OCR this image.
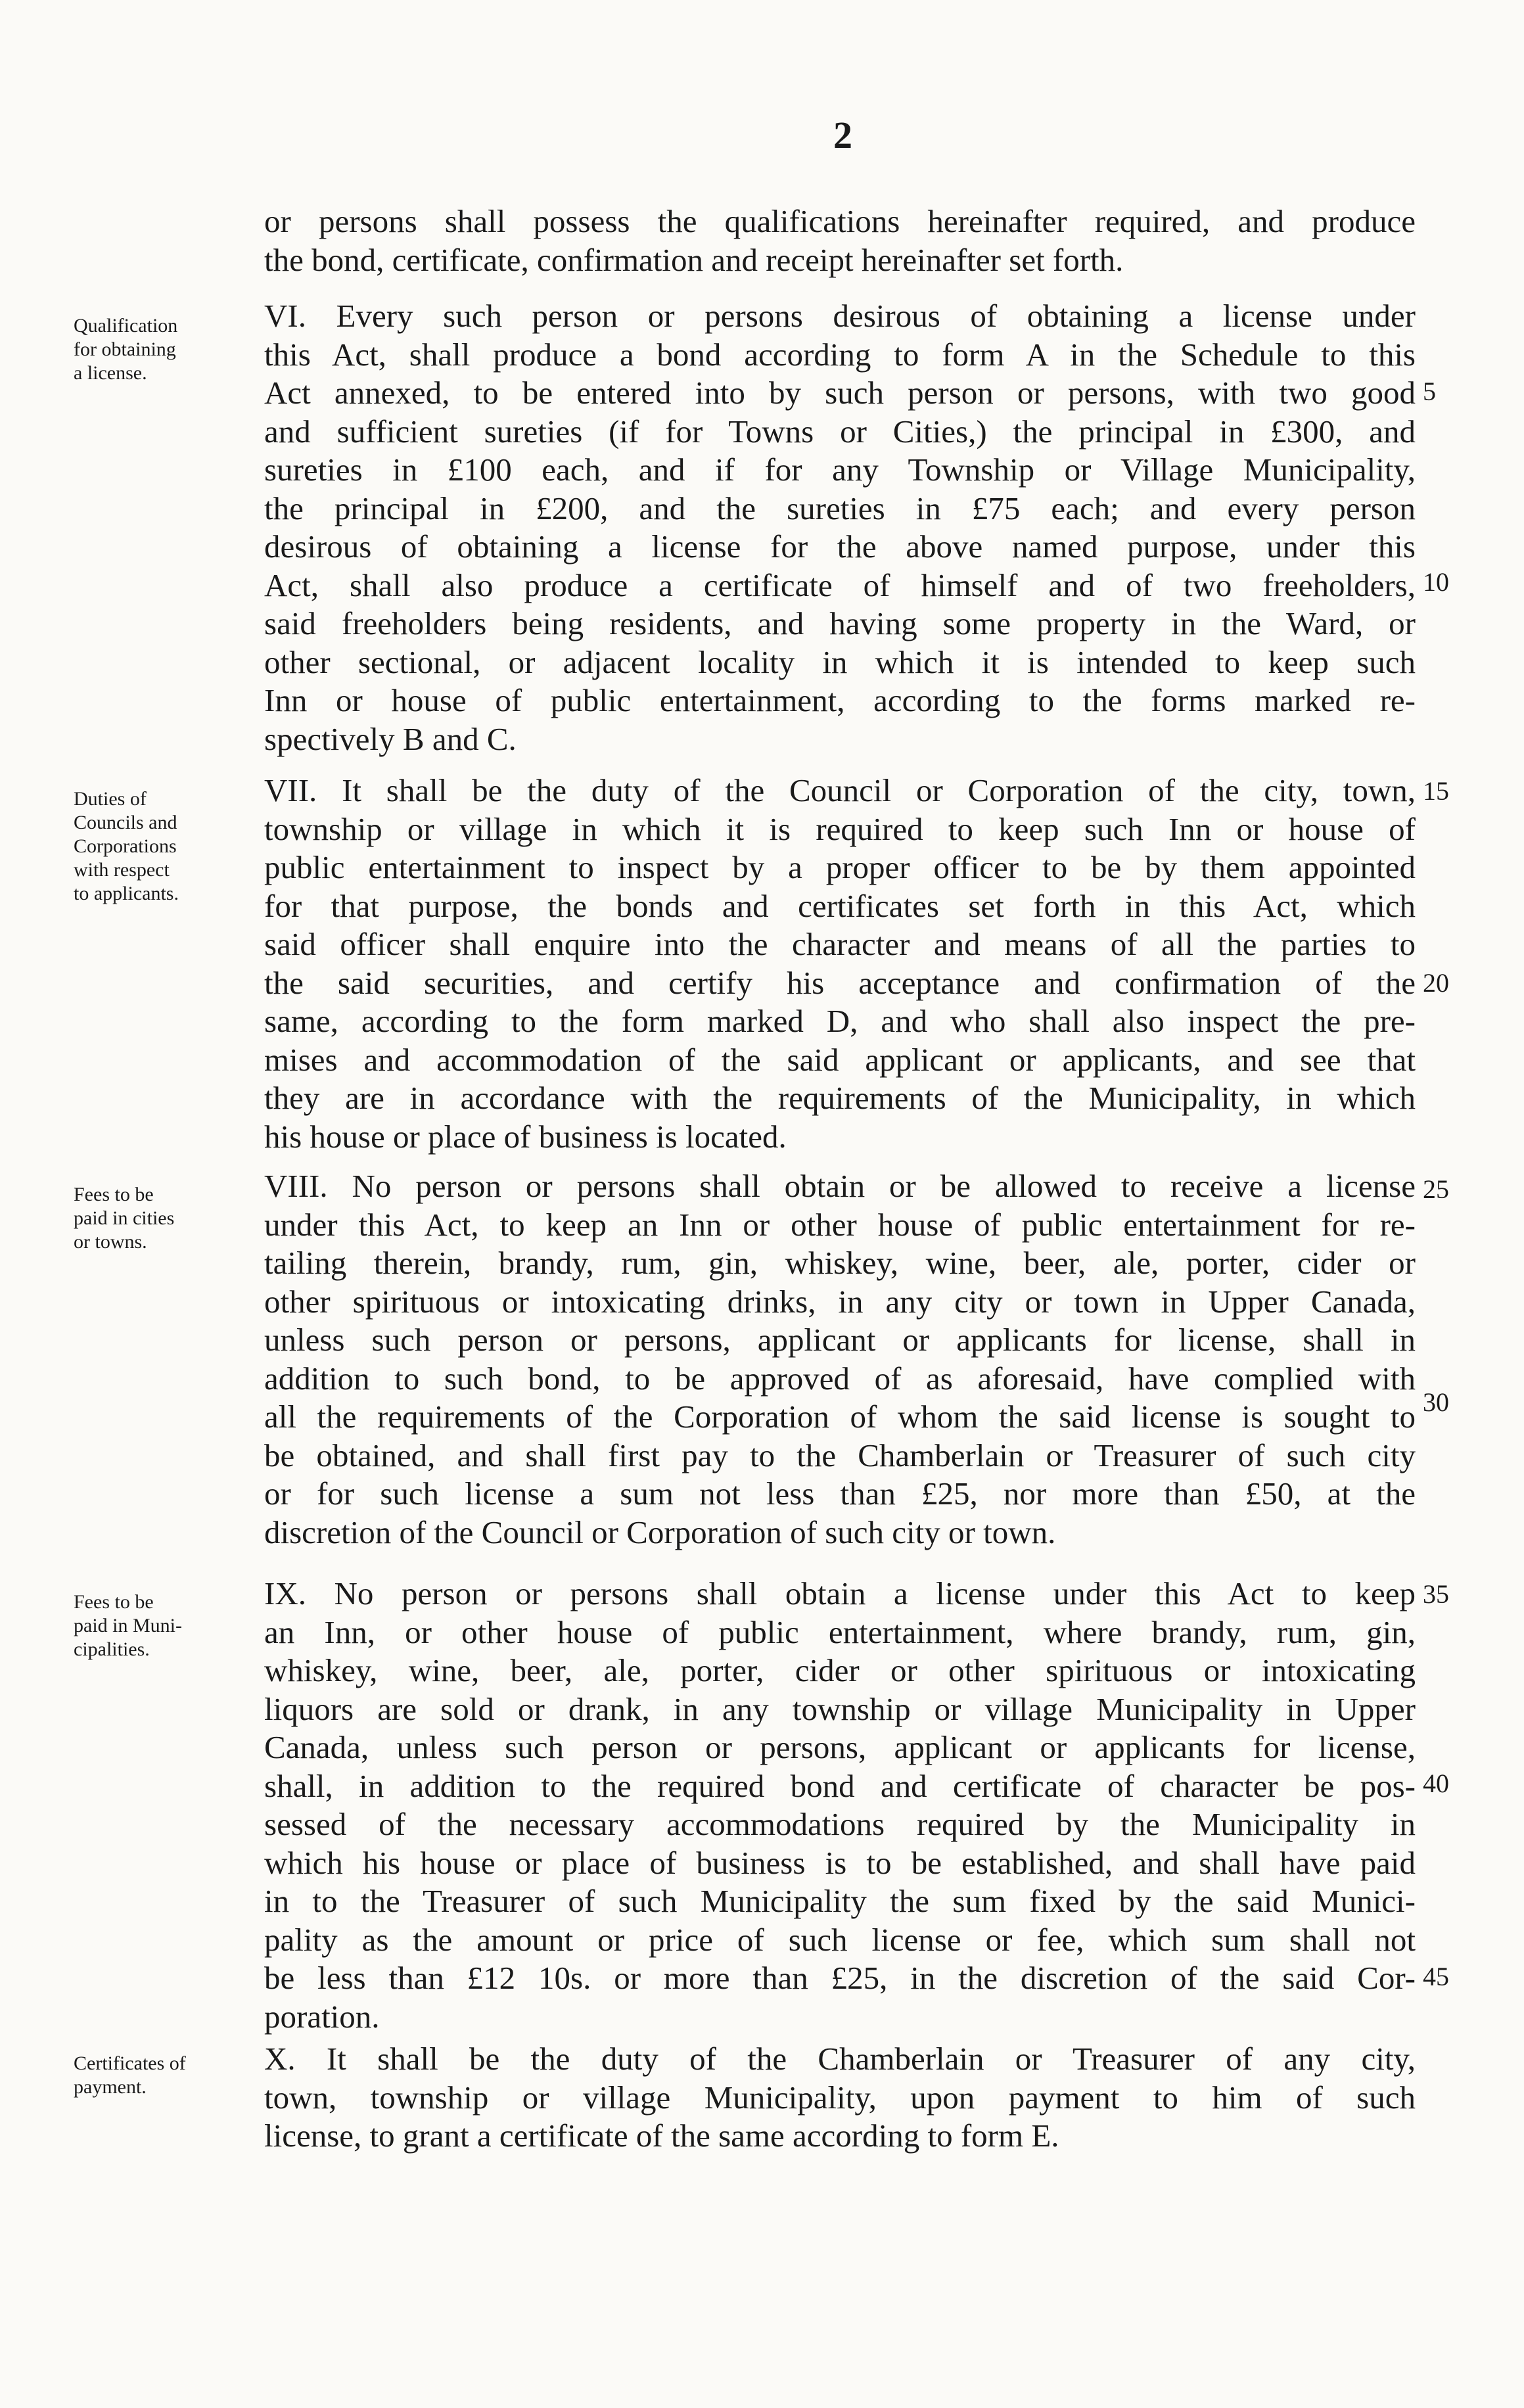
2
or persons shall possess the qualifications hereinafter required, and produce
the bond, certificate, confirmation and receipt hereinafter set forth.
Qualification
for obtaining
a license.
VI. Every such person or persons desirous of obtaining a license under
this Act, shall produce a bond according to form A in the Schedule to this
Act annexed, to be entered into by such person or persons, with two good
and sufficient sureties (if for Towns or Cities,) the principal in £300, and
sureties in £100 each, and if for any Township or Village Municipality,
the principal in £200, and the sureties in £75 each; and every person
desirous of obtaining a license for the above named purpose, under this
Act, shall also produce a certificate of himself and of two freeholders,
said freeholders being residents, and having some property in the Ward, or
other sectional, or adjacent locality in which it is intended to keep such
Inn or house of public entertainment, according to the forms marked re-
spectively B and C.
Duties of
Councils and
Corporations
with respect
to applicants.
VII. It shall be the duty of the Council or Corporation of the city, town,
township or village in which it is required to keep such Inn or house of
public entertainment to inspect by a proper officer to be by them appointed
for that purpose, the bonds and certificates set forth in this Act, which
said officer shall enquire into the character and means of all the parties to
the said securities, and certify his acceptance and confirmation of the
same, according to the form marked D, and who shall also inspect the pre-
mises and accommodation of the said applicant or applicants, and see that
they are in accordance with the requirements of the Municipality, in which
his house or place of business is located.
Fees to be
paid in cities
or towns.
VIII. No person or persons shall obtain or be allowed to receive a license
under this Act, to keep an Inn or other house of public entertainment for re-
tailing therein, brandy, rum, gin, whiskey, wine, beer, ale, porter, cider or
other spirituous or intoxicating drinks, in any city or town in Upper Canada,
unless such person or persons, applicant or applicants for license, shall in
addition to such bond, to be approved of as aforesaid, have complied with
all the requirements of the Corporation of whom the said license is sought to
be obtained, and shall first pay to the Chamberlain or Treasurer of such city
or for such license a sum not less than £25, nor more than £50, at the
discretion of the Council or Corporation of such city or town.
Fees to be
paid in Muni-
cipalities.
IX. No person or persons shall obtain a license under this Act to keep
an Inn, or other house of public entertainment, where brandy, rum, gin,
whiskey, wine, beer, ale, porter, cider or other spirituous or intoxicating
liquors are sold or drank, in any township or village Municipality in Upper
Canada, unless such person or persons, applicant or applicants for license,
shall, in addition to the required bond and certificate of character be pos-
sessed of the necessary accommodations required by the Municipality in
which his house or place of business is to be established, and shall have paid
in to the Treasurer of such Municipality the sum fixed by the said Munici-
pality as the amount or price of such license or fee, which sum shall not
be less than £12 10s. or more than £25, in the discretion of the said Cor-
poration.
Certificates of
payment.
X. It shall be the duty of the Chamberlain or Treasurer of any city,
town, township or village Municipality, upon payment to him of such
license, to grant a certificate of the same according to form E.
5
10
15
20
25
30
35
40
45
